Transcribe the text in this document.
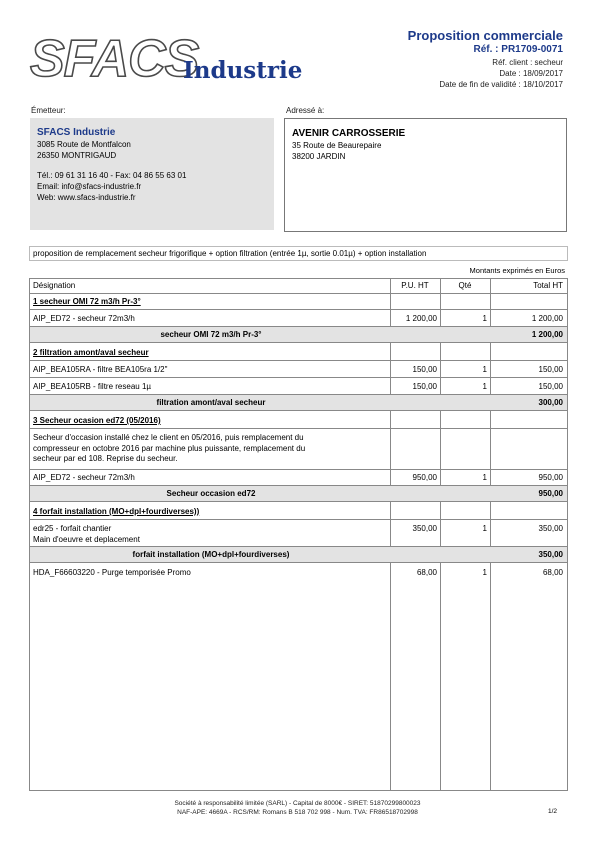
SFACS
Industrie
Proposition commerciale
Réf. : PR1709-0071
Réf. client : secheur
Date : 18/09/2017
Date de fin de validité : 18/10/2017
Émetteur:	Adressé à:
SFACS Industrie
3085 Route de Montfalcon
26350 MONTRIGAUD
Tél.: 09 61 31 16 40 - Fax: 04 86 55 63 01
Email: info@sfacs-industrie.fr
Web: www.sfacs-industrie.fr
AVENIR CARROSSERIE
35 Route de Beaurepaire
38200 JARDIN
proposition de remplacement secheur frigorifique + option filtration (entrée 1µ, sortie 0.01µ) + option installation
Montants exprimés en Euros
Désignation	P.U. HT	Qté	Total HT
1 secheur OMI 72 m3/h Pr-3°
AIP_ED72 - secheur 72m3/h	1 200,00	1	1 200,00
secheur OMI 72 m3/h Pr-3°	1 200,00
2 filtration amont/aval secheur
AIP_BEA105RA - filtre BEA105ra 1/2"	150,00	1	150,00
AIP_BEA105RB - filtre reseau 1µ	150,00	1	150,00
filtration amont/aval secheur	300,00
3 Secheur ocasion ed72 (05/2016)
Secheur d'occasion installé chez le client en 05/2016, puis remplacement du
compresseur en octobre 2016 par machine plus puissante, remplacement du
secheur par ed 108. Reprise du secheur.
AIP_ED72 - secheur 72m3/h	950,00	1	950,00
Secheur occasion ed72	950,00
4 forfait installation (MO+dpl+fourdiverses))
edr25 - forfait chantier
Main d'oeuvre et deplacement
350,00	1	350,00
forfait installation (MO+dpl+fourdiverses)	350,00
HDA_F66603220 - Purge temporisée Promo	68,00	1	68,00
Société à responsabilité limitée (SARL) - Capital de 8000€ - SIRET: 51870299800023
NAF-APE: 4669A - RCS/RM: Romans B 518 702 998 - Num. TVA: FR86518702998	1/2
